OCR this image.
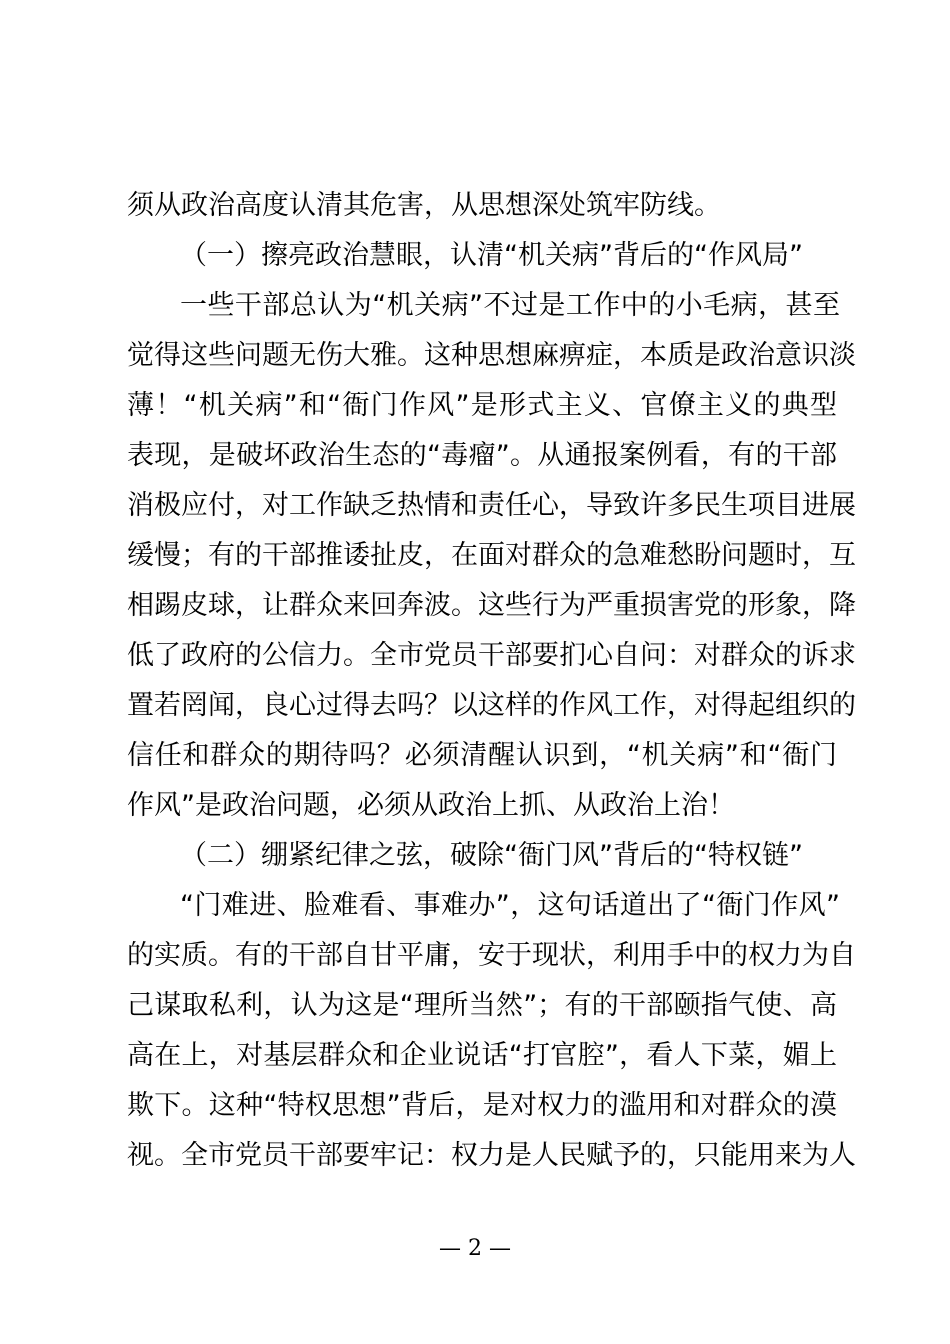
须从政治高度认清其危害，从思想深处筑牢防线。
（一）擦亮政治慧眼，认清“机关病”背后的“作风局”
一些干部总认为“机关病”不过是工作中的小毛病，甚至
觉得这些问题无伤大雅。这种思想麻痹症，本质是政治意识淡
薄！“机关病”和“衙门作风”是形式主义、官僚主义的典型
表现，是破坏政治生态的“毒瘤”。从通报案例看，有的干部
消极应付，对工作缺乏热情和责任心，导致许多民生项目进展
缓慢；有的干部推诿扯皮，在面对群众的急难愁盼问题时，互
相踢皮球，让群众来回奔波。这些行为严重损害党的形象，降
低了政府的公信力。全市党员干部要扪心自问：对群众的诉求
置若罔闻，良心过得去吗？以这样的作风工作，对得起组织的
信任和群众的期待吗？必须清醒认识到，“机关病”和“衙门
作风”是政治问题，必须从政治上抓、从政治上治！
（二）绷紧纪律之弦，破除“衙门风”背后的“特权链”
“门难进、脸难看、事难办”，这句话道出了“衙门作风”
的实质。有的干部自甘平庸，安于现状，利用手中的权力为自
己谋取私利，认为这是“理所当然”；有的干部颐指气使、高
高在上，对基层群众和企业说话“打官腔”，看人下菜，媚上
欺下。这种“特权思想”背后，是对权力的滥用和对群众的漠
视。全市党员干部要牢记：权力是人民赋予的，只能用来为人
— 2 —
